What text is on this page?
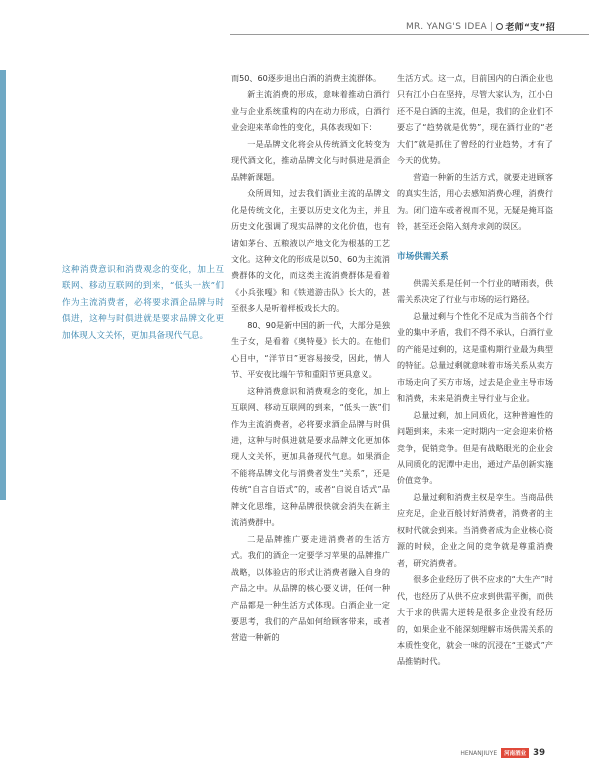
MR. YANG'S IDEA | 老师“支”招
这种消费意识和消费观念的变化，加上互联网、移动互联网的到来，“低头一族”们作为主流消费者，必将要求酒企品牌与时俱进，这种与时俱进就是要求品牌文化更加体现人文关怀，更加具备现代气息。

而50、60逐步退出白酒的消费主流群体。

新主流消费的形成，意味着推动白酒行业与企业系统重构的内在动力形成，白酒行业会迎来革命性的变化，具体表现如下：

一是品牌文化将会从传统酒文化转变为现代酒文化，推动品牌文化与时俱进是酒企品牌新课题。

众所周知，过去我们酒业主流的品牌文化是传统文化，主要以历史文化为主，并且历史文化强调了现实品牌的文化价值，也有诸如茅台、五粮液以产地文化为根基的工艺文化。这种文化的形成是以50、60为主流消费群体的文化，而这类主流消费群体是看着《小兵张嘎》和《铁道游击队》长大的，甚至很多人是听着样板戏长大的。

80、90是新中国的新一代，大部分是独生子女，是看着《奥特曼》长大的。在他们心目中，“洋节日”更容易接受，因此，情人节、平安夜比端午节和重阳节更具意义。

这种消费意识和消费观念的变化，加上互联网、移动互联网的到来，“低头一族”们作为主流消费者，必将要求酒企品牌与时俱进，这种与时俱进就是要求品牌文化更加体现人文关怀，更加具备现代气息。如果酒企不能将品牌文化与消费者发生“关系”，还是传统“自言自语式”的，或者“自说自话式”品牌文化思维，这种品牌很快就会消失在新主流消费群中。

二是品牌推广要走进消费者的生活方式。我们的酒企一定要学习苹果的品牌推广战略，以体验店的形式让消费者融入自身的产品之中。从品牌的核心要义讲，任何一种产品都是一种生活方式体现。白酒企业一定要思考，我们的产品如何给顾客带来，或者营造一种新的

生活方式。这一点，目前国内的白酒企业也只有江小白在坚持，尽管大家认为，江小白还不是白酒的主流，但是，我们的企业们不要忘了“趋势就是优势”，现在酒行业的“老大们”就是抓住了曾经的行业趋势，才有了今天的优势。

营造一种新的生活方式，就要走进顾客的真实生活，用心去感知消费心理，消费行为。闭门造车或者视而不见，无疑是掩耳盗铃，甚至还会陷入刻舟求剑的误区。

市场供需关系

供需关系是任何一个行业的晴雨表，供需关系决定了行业与市场的运行路径。

总量过剩与个性化不足成为当前各个行业的集中矛盾，我们不得不承认，白酒行业的产能是过剩的，这是重构期行业最为典型的特征。总量过剩就意味着市场关系从卖方市场走向了买方市场，过去是企业主导市场和消费，未来是消费主导行业与企业。

总量过剩，加上同质化，这种普遍性的问题到来，未来一定时期内一定会迎来价格竞争，促销竞争。但是有战略眼光的企业会从同质化的泥潭中走出，通过产品创新实施价值竞争。

总量过剩和消费主权是孪生。当商品供应充足，企业百般讨好消费者，消费者的主权时代就会到来。当消费者成为企业核心资源的时候，企业之间的竞争就是尊重消费者，研究消费者。

很多企业经历了供不应求的“大生产”时代，也经历了从供不应求到供需平衡，而供大于求的供需大逆转是很多企业没有经历的，如果企业不能深刻理解市场供需关系的本质性变化，就会一味的沉浸在“王婆式”产品推销时代。

HENANJIUYE	河南酒业 39
